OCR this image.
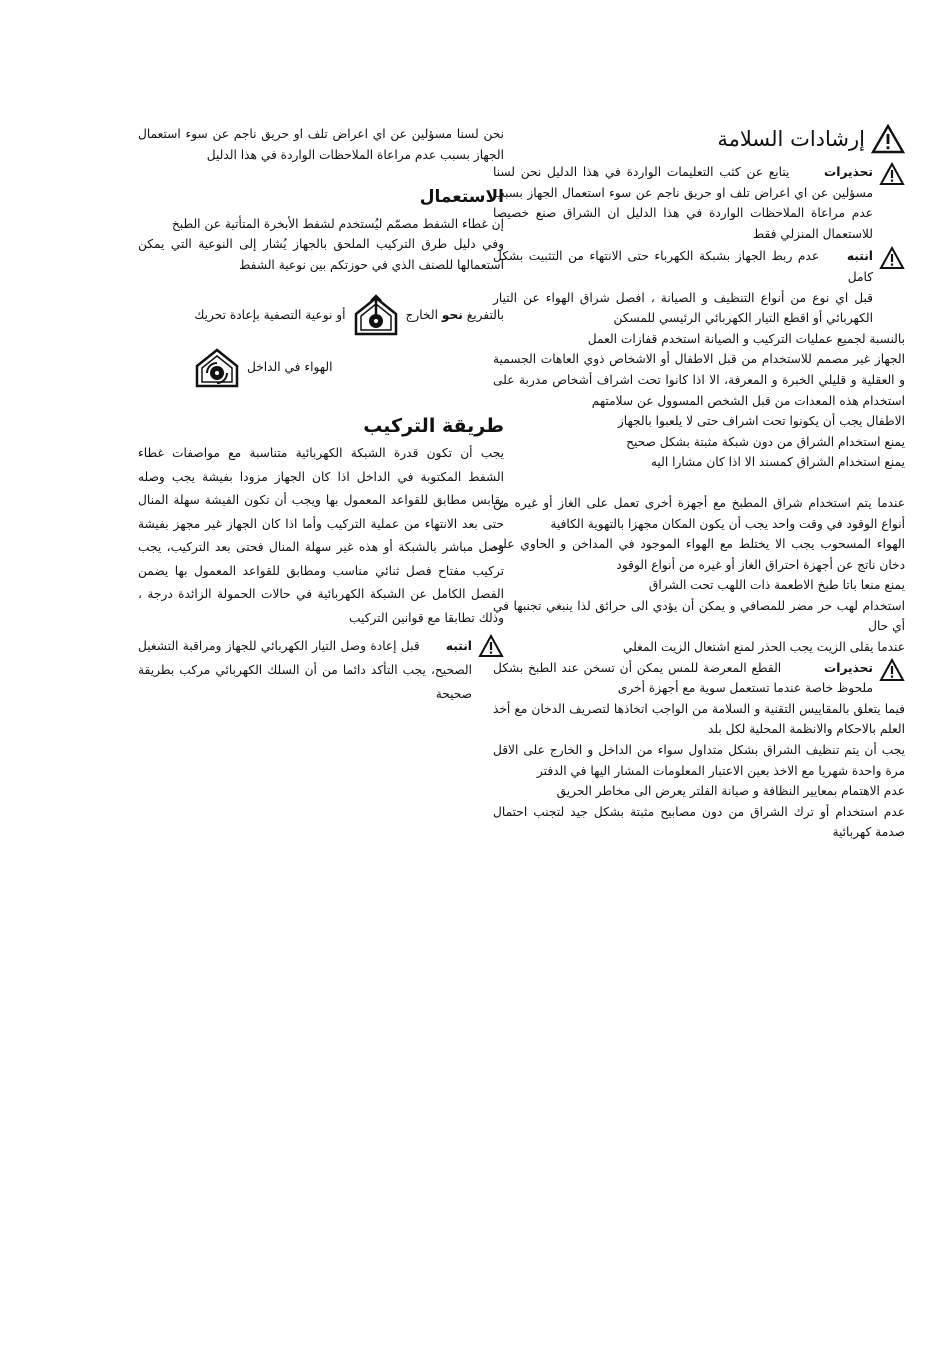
إرشادات السلامة
تحذيرات      يتابع عن كثب التعليمات الواردة في هذا الدليل نحن لسنا مسؤلين عن اي اعراض تلف او حريق ناجم عن سوء استعمال الجهاز بسبب عدم مراعاة الملاحظات الواردة في هذا الدليل ان الشراق صنع خصيصا للاستعمال المنزلي فقط
انتبه     عدم ربط الجهاز بشبكة الكهرباء حتى الانتهاء من التثبيت بشكل كامل

قبل اي نوع من أنواع التنظيف و الصيانة ، افصل شراق الهواء عن التيار الكهربائي أو اقطع التيار الكهربائي الرئيسي للمسكن

بالنسبة لجميع عمليات التركيب و الصيانة استخدم قفازات العمل

الجهاز غير مصمم للاستخدام من قبل الاطفال أو الاشخاص ذوي العاهات الجسمية و العقلية و قليلي الخبرة و المعرفة، الا اذا كانوا تحت اشراف أشخاص مدربة على استخدام هذه المعدات من قبل الشخص المسوول عن سلامتهم

الاطفال يجب أن يكونوا تحت اشراف حتى لا يلعبوا بالجهاز

يمنع استخدام الشراق من دون شبكة مثبتة بشكل صحيح

يمنع استخدام الشراق كمسند الا اذا كان مشارا اليه

عندما يتم استخدام شراق المطبخ مع أجهزة أخرى تعمل على الغاز أو غيره من أنواع الوقود في وقت واحد يجب أن يكون المكان مجهزا بالتهوية الكافية

الهواء المسحوب يجب الا يختلط مع الهواء الموجود في المداخن و الحاوي على دخان ناتج عن أجهزة احتراق الغاز أو غيره من أنواع الوقود

يمنع منعا باتا طبخ الاطعمة ذات اللهب تحت الشراق

استخدام لهب حر مضر للمصافي و يمكن أن يؤدي الى حرائق لذا ينبغي تجنبها في أي حال

عندما يقلى الزيت يجب الحذر لمنع اشتعال الزيت المغلي

تحذيرات         القطع المعرضة للمس يمكن أن تسخن عند الطبخ بشكل ملحوظ خاصة عندما تستعمل سوية مع أجهزة أخرى

فيما يتعلق بالمقاييس التقنية و السلامة من الواجب اتخاذها لتصريف الدخان مع أخذ العلم بالاحكام والانظمة المحلية لكل بلد

يجب أن يتم تنظيف الشراق بشكل متداول سواء من الداخل و الخارج على الاقل مرة واحدة شهريا مع الاخذ بعين الاعتبار المعلومات المشار اليها في الدفتر

عدم الاهتمام بمعايير النظافة و صيانة الفلتر يعرض الى مخاطر الحريق

عدم استخدام أو ترك الشراق من دون مصابيح مثبتة بشكل جيد لتجنب احتمال صدمة كهربائية

نحن لسنا مسؤلين عن اي اعراض تلف او حريق ناجم عن سوء استعمال الجهاز بسبب عدم مراعاة الملاحظات الواردة في هذا الدليل

الاستعمال

إن غطاء الشفط مصمّم ليُستخدم لشفط الأبخرة المتأتية عن الطبخ

وفي دليل طرق التركيب الملحق بالجهاز يُشار إلى النوعية التي يمكن استعمالها للصنف الذي في حوزتكم بين نوعية الشفط

بالتفريغ نحو الخارج
أو نوعية التصفية بإعادة تحريك
الهواء في الداخل
طريقة التركيب

يجب أن تكون قدرة الشبكة الكهربائية متناسبة مع مواصفات غطاء الشفط المكتوبة في الداخل اذا كان الجهاز مزودا بفيشة يجب وصله بقابس مطابق للقواعد المعمول بها ويجب أن تكون الفيشة سهلة المنال حتى بعد الانتهاء من عملية التركيب وأما اذا كان الجهاز غير مجهز بفيشة وصل مباشر بالشبكة أو هذه غير سهلة المنال فحتى بعد التركيب، يجب تركيب مفتاح فصل ثنائي مناسب ومطابق للقواعد المعمول بها يضمن الفصل الكامل عن الشبكة الكهربائية في حالات الحمولة الزائدة درجة ، وذلك تطابقا مع قوانين التركيب

انتبه      قبل إعادة وصل التيار الكهربائي للجهاز ومراقبة التشغيل الصحيح، يجب التأكد دائما من أن السلك الكهربائي مركب بطريقة صحيحة
